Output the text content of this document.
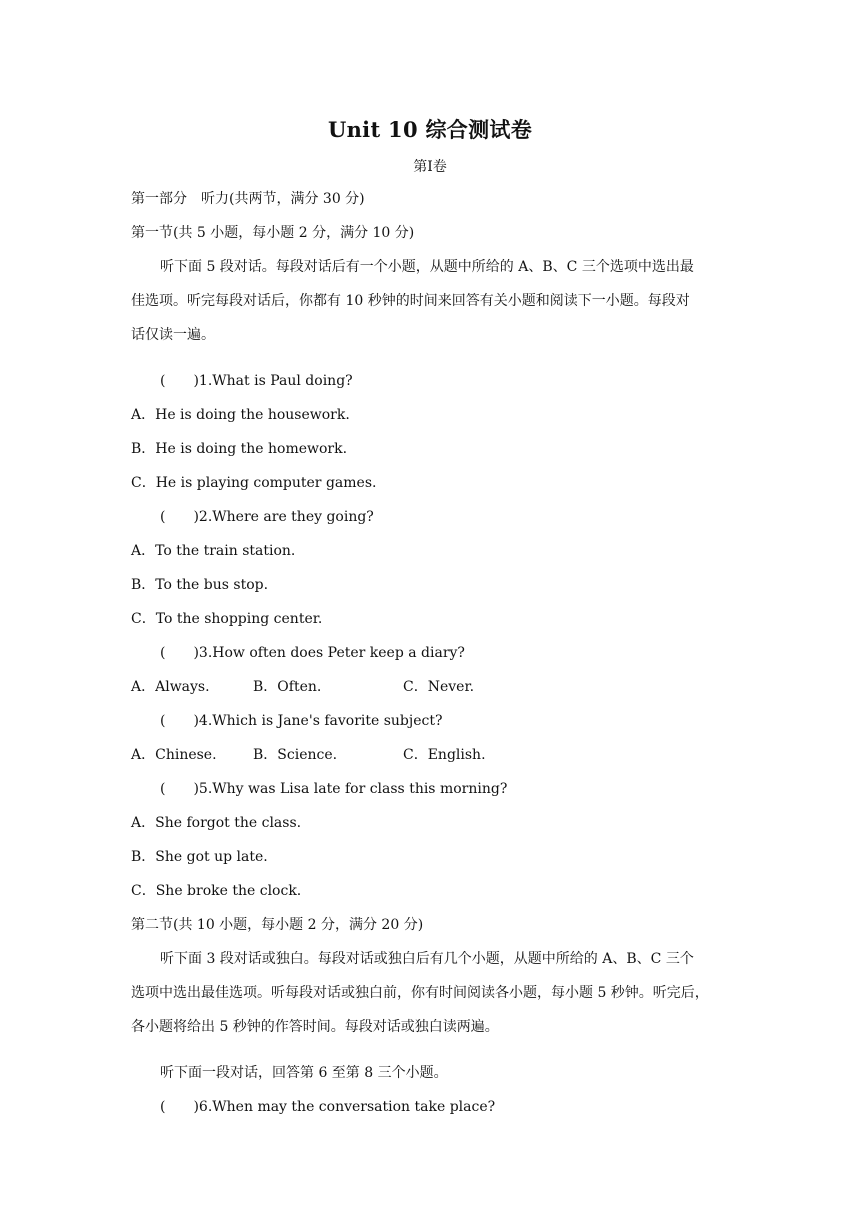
Unit 10 综合测试卷
第Ⅰ卷
第一部分　听力(共两节，满分 30 分)
第一节(共 5 小题，每小题 2 分，满分 10 分)
听下面 5 段对话。每段对话后有一个小题，从题中所给的 A、B、C 三个选项中选出最
佳选项。听完每段对话后，你都有 10 秒钟的时间来回答有关小题和阅读下一小题。每段对
话仅读一遍。
(　　)1.What is Paul doing?
A．He is doing the housework.
B．He is doing the homework.
C．He is playing computer games.
(　　)2.Where are they going?
A．To the train station.
B．To the bus stop.
C．To the shopping center.
(　　)3.How often does Peter keep a diary?
A．Always.	B．Often.	C．Never.
(　　)4.Which is Jane's favorite subject?
A．Chinese.	B．Science.	C．English.
(　　)5.Why was Lisa late for class this morning?
A．She forgot the class.
B．She got up late.
C．She broke the clock.
第二节(共 10 小题，每小题 2 分，满分 20 分)
听下面 3 段对话或独白。每段对话或独白后有几个小题，从题中所给的 A、B、C 三个
选项中选出最佳选项。听每段对话或独白前，你有时间阅读各小题，每小题 5 秒钟。听完后，
各小题将给出 5 秒钟的作答时间。每段对话或独白读两遍。
听下面一段对话，回答第 6 至第 8 三个小题。
(　　)6.When may the conversation take place?
